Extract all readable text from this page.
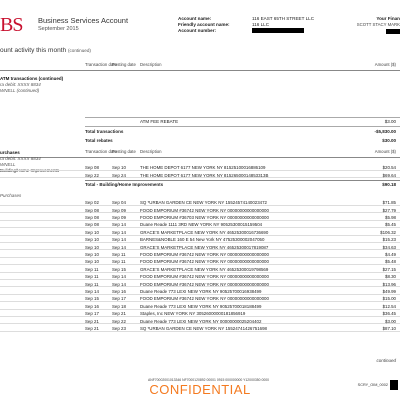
BS Business Services Account
September 2015
Account name:	116 EAST 65TH STREET LLC
Friendly account name:	116 LLC
Account number:
Your Finan
SCOTT STACY MARK
ount activity this month (continued)
Transaction date
Posting date Description	Amount ($)
ATM transactions (continued)
ra debit: XXXX 8834
WNELL (continued)
ATM FEE REBATE	$3.00
Total transactions	-$5,830.00
Total rebates	$30.00
Transaction date
Posting date Description	Amount ($)
urchases
ra debit: XXXX 8834
WNELL
Building/Home Improvements
Sep 08	Sep 10	THE HOME DEPOT 6177 NEW YORK NY 81525100016886109	$20.54
Sep 22	Sep 24	THE HOME DEPOT 6177 NEW YORK NY 81526500014853313B	$69.64
Total - Building/Home Improvements	$90.18
Purchases
Sep 02	Sep 04	SQ *URBAN GARDEN CE NEW YORK NY 15524574140023472	$71.85
Sep 08	Sep 09	FOOD EMPORIUM #36742 NEW YORK NY 00000000000000000	$27.79
Sep 08	Sep 09	FOOD EMPORIUM #36703 NEW YORK NY 00000000000000000	$5.98
Sep 08	Sep 14	Duane Reade 1111 3RD NEW YORK NY 90525300015159504	$5.45
Sep 10	Sep 14	GRACE'S MARKETPLACE NEW YORK NY 46525300016736690	$106.32
Sep 10	Sep 14	BARNES&NOBLE 160 E 54 New York NY 47525300002047050	$15.23
Sep 10	Sep 14	GRACE'S MARKETPLACE NEW YORK NY 46525300017819087	$34.63
Sep 10	Sep 11	FOOD EMPORIUM #36742 NEW YORK NY 00000000000000000	$4.49
Sep 10	Sep 11	FOOD EMPORIUM #36742 NEW YORK NY 00000000000000000	$5.48
Sep 11	Sep 15	GRACE'S MARKETPLACE NEW YORK NY 46525300019798569	$27.15
Sep 11	Sep 14	FOOD EMPORIUM #36742 NEW YORK NY 00000000000000000	$8.30
Sep 11	Sep 14	FOOD EMPORIUM #36742 NEW YORK NY 00000000000000000	$13.96
Sep 14	Sep 16	Duane Reade 773 LEXI NEW YORK NY 90525700016938499	$49.99
Sep 15	Sep 17	FOOD EMPORIUM #36742 NEW YORK NY 00000000000000000	$15.00
Sep 16	Sep 18	Duane Reade 773 LEXI NEW YORK NY 90525700018188499	$12.54
Sep 17	Sep 21	Staples, Inc NEW YORK NY 30526000000181856919	$36.45
Sep 21	Sep 22	Duane Reade 773 LEXI NEW YORK NY 00000000025204402	$3.00
Sep 21	Sep 23	SQ *URBAN GARDEN CE NEW YORK NY 15524741426751698	$87.10
continued
ANF70002001013346 NF7000120892 00001 0915 000000000 Y12000350 0000
SCRY_OIM_0002
CONFIDENTIAL
